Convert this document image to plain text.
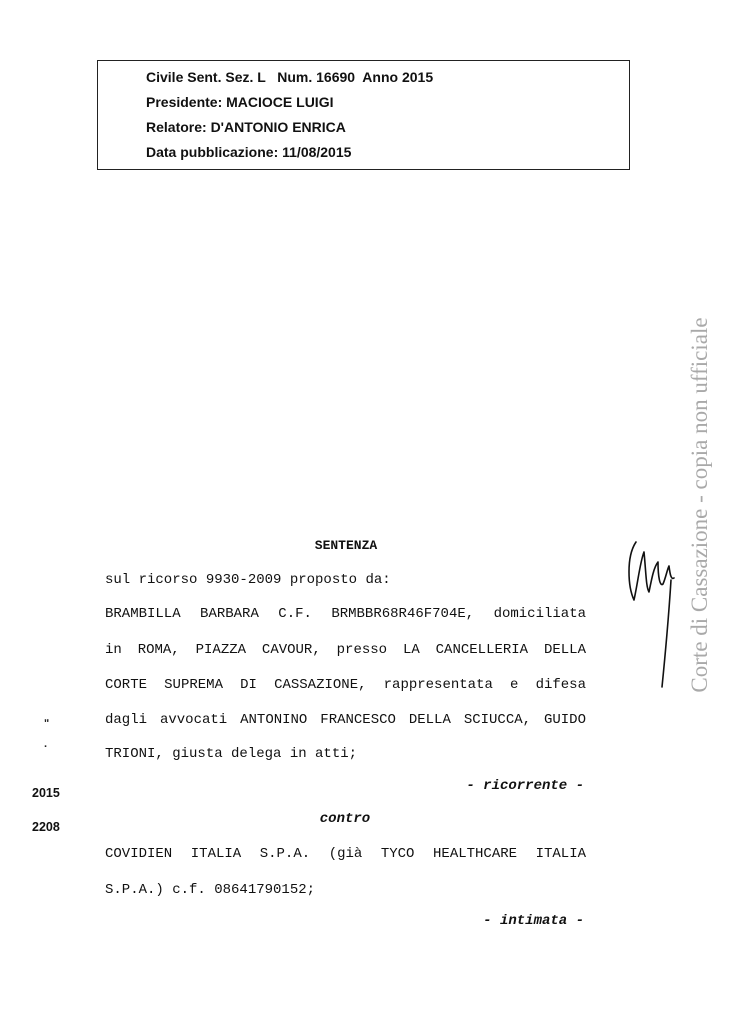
Civile Sent. Sez. L   Num. 16690  Anno 2015
Presidente: MACIOCE LUIGI
Relatore: D'ANTONIO ENRICA
Data pubblicazione: 11/08/2015
Corte di Cassazione - copia non ufficiale
SENTENZA
sul ricorso 9930-2009 proposto da:
BRAMBILLA BARBARA C.F. BRMBBR68R46F704E, domiciliata
in ROMA, PIAZZA CAVOUR, presso LA CANCELLERIA DELLA
CORTE SUPREMA DI CASSAZIONE, rappresentata e difesa
dagli avvocati ANTONINO FRANCESCO DELLA SCIUCCA, GUIDO
TRIONI, giusta delega in atti;
- ricorrente -
contro
COVIDIEN ITALIA S.P.A. (già TYCO HEALTHCARE ITALIA
S.P.A.) c.f. 08641790152;
- intimata -
ʺ
·
2015
2208
